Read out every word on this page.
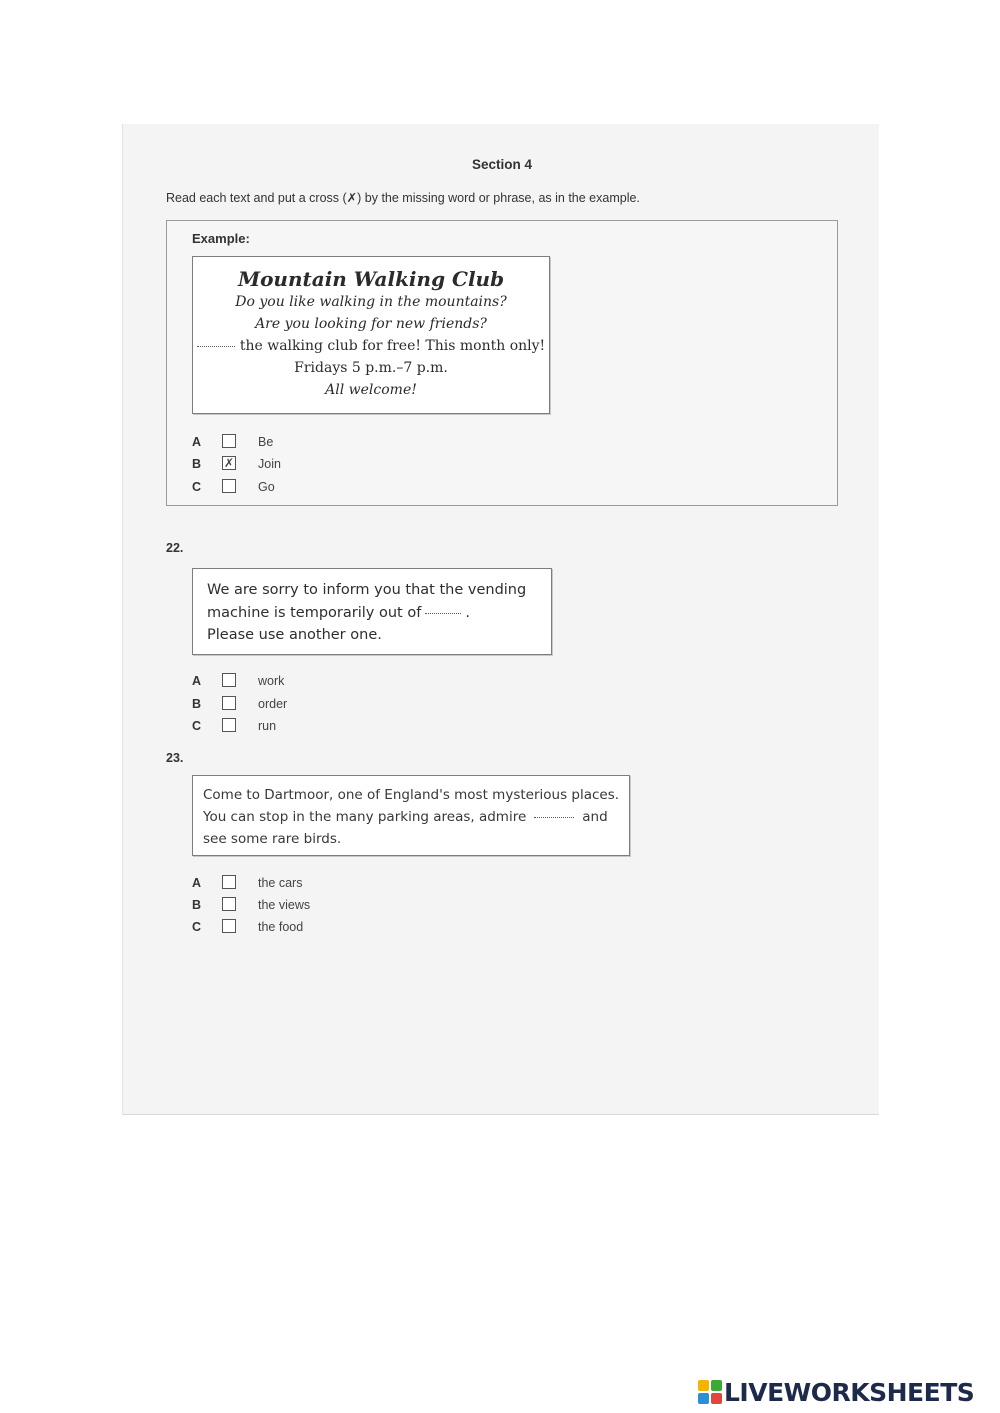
Section 4
Read each text and put a cross (✗) by the missing word or phrase, as in the example.
Example:
Mountain Walking Club
Do you like walking in the mountains?
Are you looking for new friends?
the walking club for free! This month only!
Fridays 5 p.m.–7 p.m.
All welcome!
A	Be
B ✗ Join
C	Go
22.
We are sorry to inform you that the vending
machine is temporarily out of	.
Please use another one.
A	work
B	order
C	run
23.
Come to Dartmoor, one of England's most mysterious places.
You can stop in the many parking areas, admire	and
see some rare birds.
A	the cars
B	the views
C	the food
LIVEWORKSHEETS
